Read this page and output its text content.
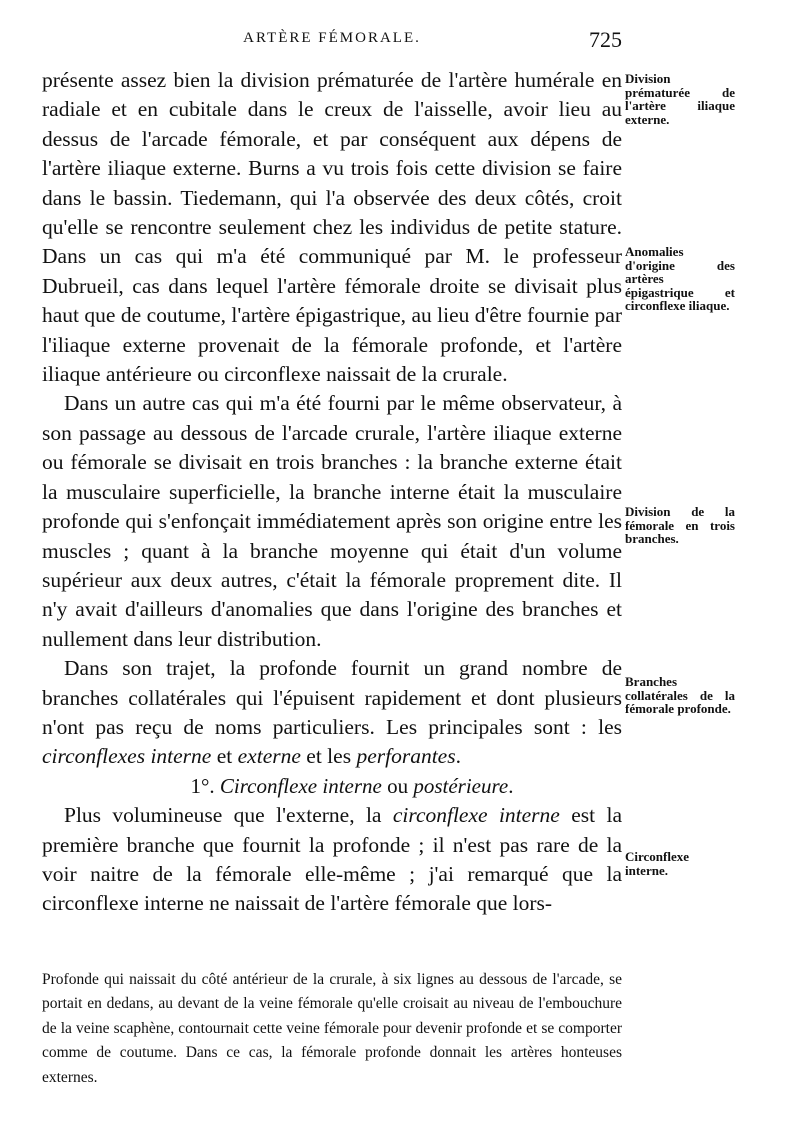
ARTÈRE FÉMORALE.	725

présente assez bien la division prématurée de l'artère humérale en radiale et en cubitale dans le creux de l'aisselle, avoir lieu au dessus de l'arcade fémorale, et par conséquent aux dépens de l'artère iliaque externe. Burns a vu trois fois cette division se faire dans le bassin. Tiedemann, qui l'a observée des deux côtés, croit qu'elle se rencontre seulement chez les individus de petite stature. Dans un cas qui m'a été communiqué par M. le professeur Dubrueil, cas dans lequel l'artère fémorale droite se divisait plus haut que de coutume, l'artère épigastrique, au lieu d'être fournie par l'iliaque externe provenait de la fémorale profonde, et l'artère iliaque antérieure ou circonflexe naissait de la crurale.

Dans un autre cas qui m'a été fourni par le même observateur, à son passage au dessous de l'arcade crurale, l'artère iliaque externe ou fémorale se divisait en trois branches : la branche externe était la musculaire superficielle, la branche interne était la musculaire profonde qui s'enfonçait immédiatement après son origine entre les muscles ; quant à la branche moyenne qui était d'un volume supérieur aux deux autres, c'était la fémorale proprement dite. Il n'y avait d'ailleurs d'anomalies que dans l'origine des branches et nullement dans leur distribution.

Dans son trajet, la profonde fournit un grand nombre de branches collatérales qui l'épuisent rapidement et dont plusieurs n'ont pas reçu de noms particuliers. Les principales sont : les circonflexes interne et externe et les perforantes.

1°. Circonflexe interne ou postérieure.

Plus volumineuse que l'externe, la circonflexe interne est la première branche que fournit la profonde ; il n'est pas rare de la voir naitre de la fémorale elle-même ; j'ai remarqué que la circonflexe interne ne naissait de l'artère fémorale que lors-

Profonde qui naissait du côté antérieur de la crurale, à six lignes au dessous de l'arcade, se portait en dedans, au devant de la veine fémorale qu'elle croisait au niveau de l'embouchure de la veine scaphène, contournait cette veine fémorale pour devenir profonde et se comporter comme de coutume. Dans ce cas, la fémorale profonde donnait les artères honteuses externes.

Division prématurée de l'artère iliaque externe.
Anomalies d'origine des artères épigastrique et circonflexe iliaque.
Division de la fémorale en trois branches.
Branches collatérales de la fémorale profonde.
Circonflexe interne.
